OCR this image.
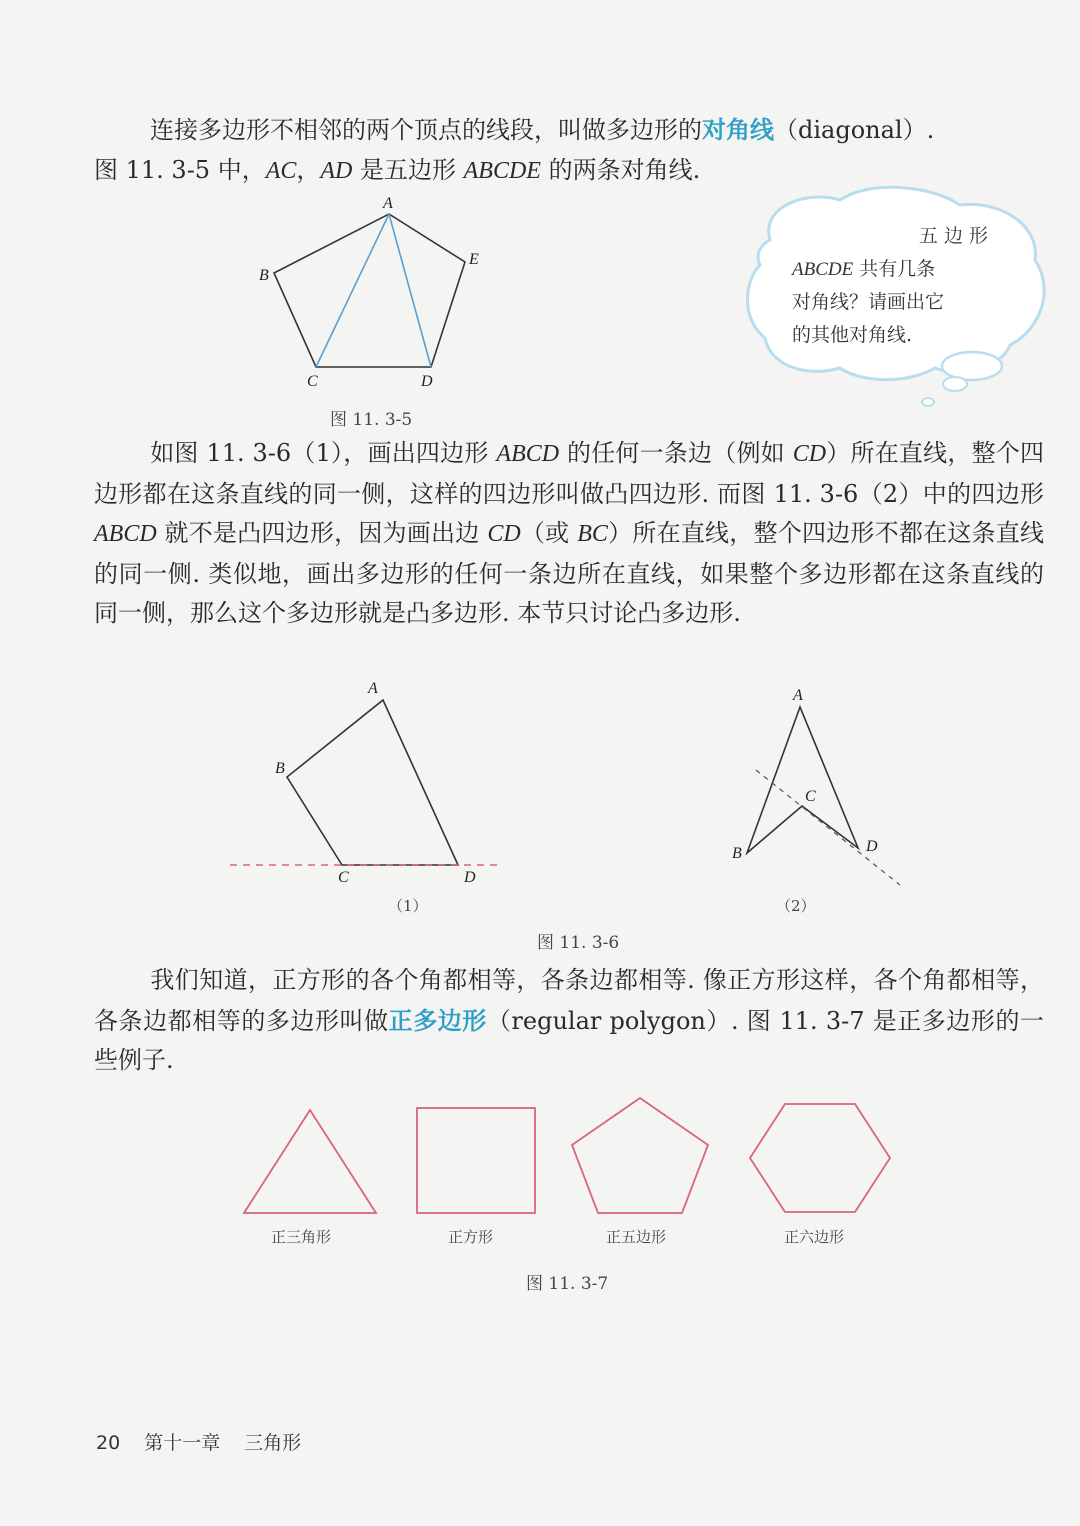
连接多边形不相邻的两个顶点的线段，叫做多边形的对角线（diagonal）.
图 11. 3-5 中，AC，AD 是五边形 ABCDE 的两条对角线.

A
E
B
C	D
图 11. 3-5
五 边 形
ABCDE 共有几条
对角线？请画出它
的其他对角线.

如图 11. 3-6（1），画出四边形 ABCD 的任何一条边（例如 CD）所在直线，整个四边形都在这条直线的同一侧，这样的四边形叫做凸四边形. 而图 11. 3-6（2）中的四边形 ABCD 就不是凸四边形，因为画出边 CD（或 BC）所在直线，整个四边形不都在这条直线的同一侧. 类似地，画出多边形的任何一条边所在直线，如果整个多边形都在这条直线的同一侧，那么这个多边形就是凸多边形. 本节只讨论凸多边形.

A
B
C	D
（1）
A
B
C
D
（2）
图 11. 3-6

我们知道，正方形的各个角都相等，各条边都相等. 像正方形这样，各个角都相等，各条边都相等的多边形叫做正多边形（regular polygon）. 图 11. 3-7 是正多边形的一些例子.

正三角形	正方形	正五边形	正六边形
图 11. 3-7
20 第十一章 三角形
